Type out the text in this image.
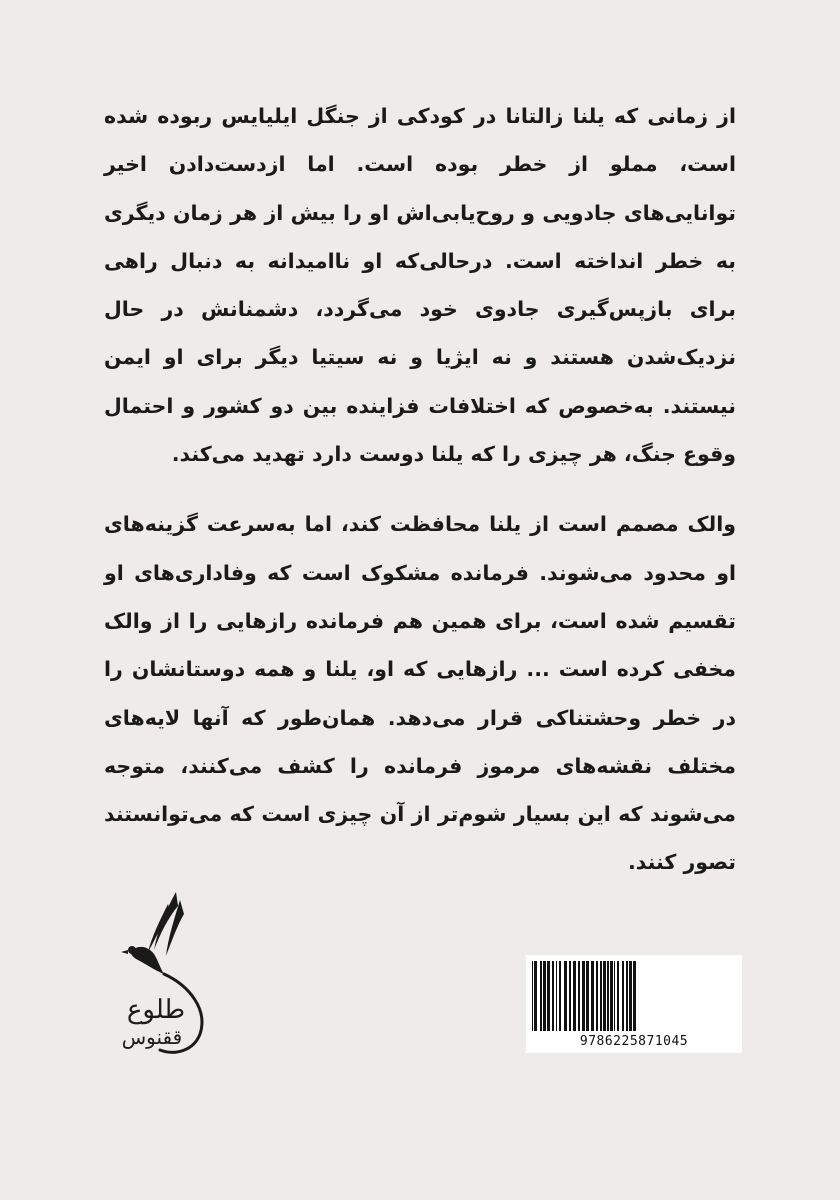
از زمانی که یلنا زالتانا در کودکی از جنگل ایلیایس ربوده شده است، مملو از خطر بوده است. اما ازدست‌دادن اخیر توانایی‌های جادویی و روح‌یابی‌اش او را بیش از هر زمان دیگری به خطر انداخته است. درحالی‌که او ناامیدانه به دنبال راهی برای بازپس‌گیری جادوی خود می‌گردد، دشمنانش در حال نزدیک‌شدن هستند و نه ایژیا و نه سیتیا دیگر برای او ایمن نیستند. به‌خصوص که اختلافات فزاینده بین دو کشور و احتمال وقوع جنگ، هر چیزی را که یلنا دوست دارد تهدید می‌کند.

والک مصمم است از یلنا محافظت کند، اما به‌سرعت گزینه‌های او محدود می‌شوند. فرمانده مشکوک است که وفاداری‌های او تقسیم شده است، برای همین هم فرمانده رازهایی را از والک مخفی کرده است ... رازهایی که او، یلنا و همه دوستانشان را در خطر وحشتناکی قرار می‌دهد. همان‌طور که آنها لایه‌های مختلف نقشه‌های مرموز فرمانده را کشف می‌کنند، متوجه می‌شوند که این بسیار شوم‌تر از آن چیزی است که می‌توانستند تصور کنند.

طلوع
ققنوس	9786225871045
